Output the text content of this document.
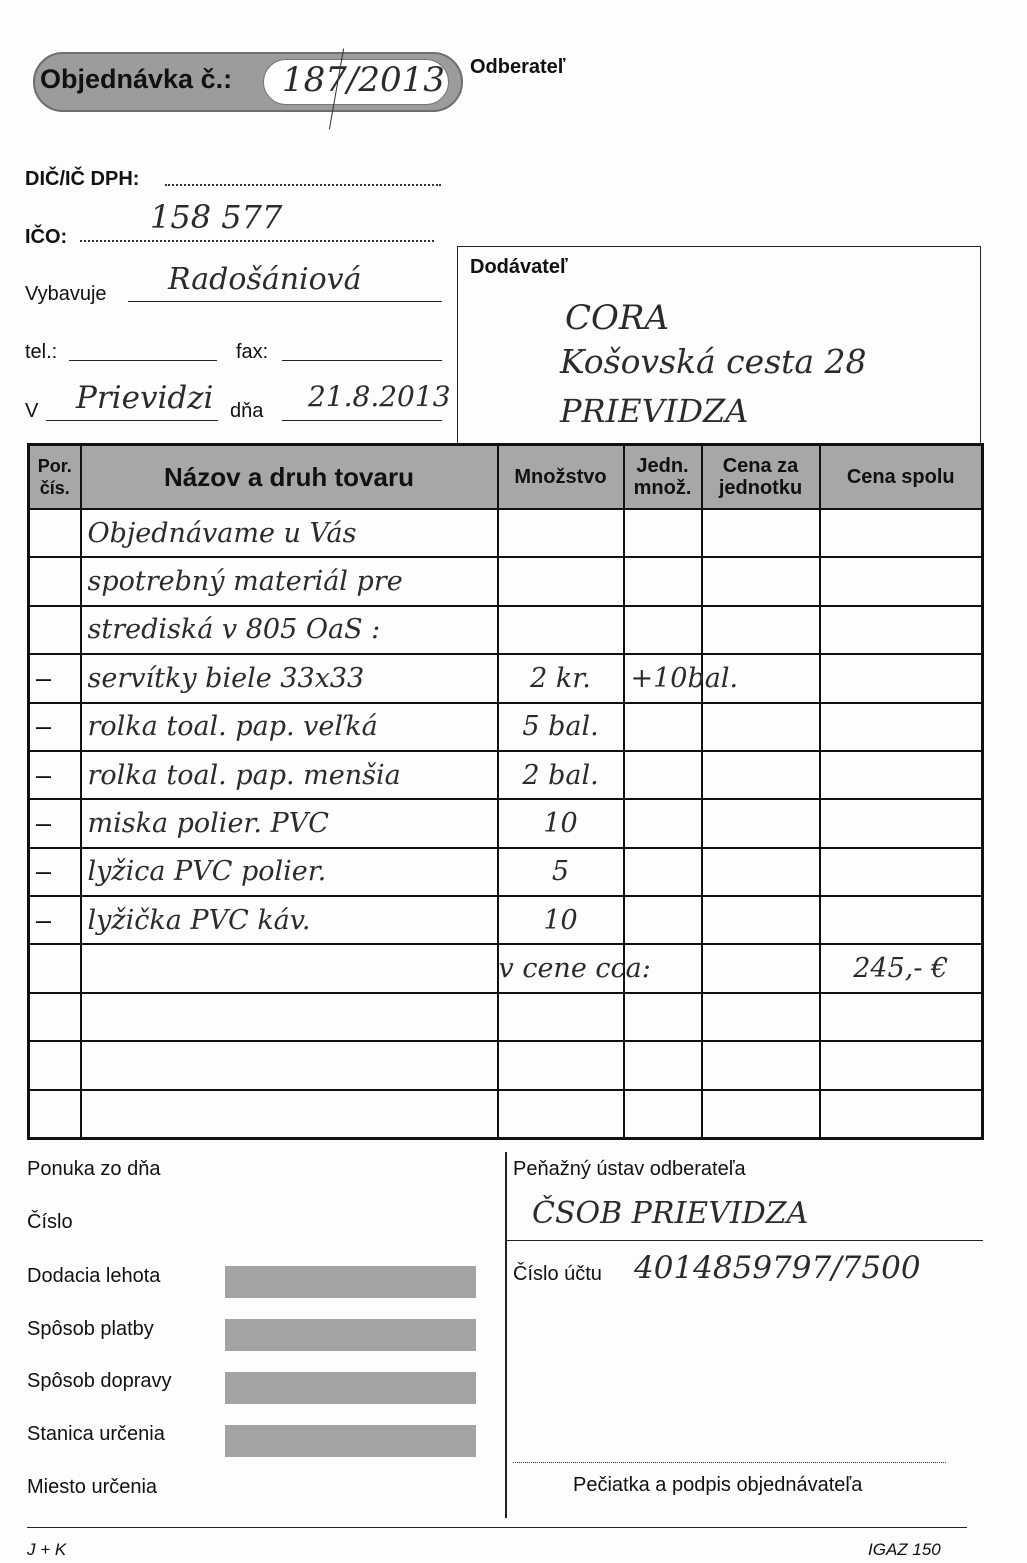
Objednávka č.: 187/2013 Odberateľ
DIČ/IČ DPH:
IČO:
158 577
Vybavuje Radošániová
tel.:	fax:
V Prievidzi dňa 21.8.2013
Dodávateľ
CORA
Košovská cesta 28
PRIEVIDZA
Por. čís.	Názov a druh tovaru	Množstvo	Jedn. množ.	Cena za jednotku	Cena spolu
	Objednávame u Vás				
	spotrebný materiál pre				
	strediská v 805 OaS :				
–	servítky biele 33x33	2 kr.	+10bal.		
–	rolka toal. pap. veľká	5 bal.			
–	rolka toal. pap. menšia	2 bal.			
–	miska polier. PVC	10			
–	lyžica PVC polier.	5			
–	lyžička PVC káv.	10			
		v cene cca:			245,- €

Ponuka zo dňa
Číslo
Dodacia lehota
Spôsob platby
Spôsob dopravy
Stanica určenia
Miesto určenia
Peňažný ústav odberateľa
ČSOB PRIEVIDZA
Číslo účtu 4014859797/7500
Pečiatka a podpis objednávateľa
J + K	IGAZ 150
